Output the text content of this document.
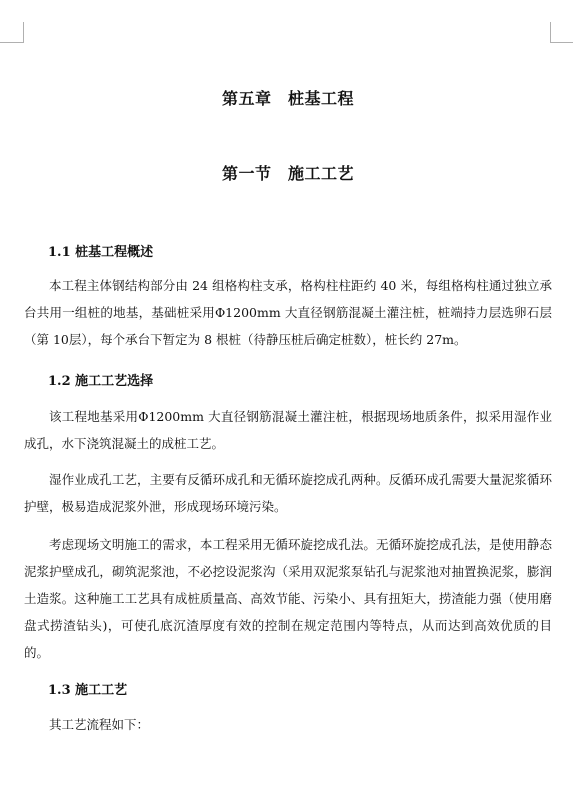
第五章　桩基工程
第一节　施工工艺
1.1 桩基工程概述

本工程主体钢结构部分由 24 组格构柱支承，格构柱柱距约 40 米，每组格构柱通过独立承台共用一组桩的地基，基础桩采用Φ1200mm 大直径钢筋混凝土灌注桩，桩端持力层选卵石层（第 10层），每个承台下暂定为 8 根桩（待静压桩后确定桩数），桩长约 27m。

1.2 施工工艺选择

该工程地基采用Φ1200mm 大直径钢筋混凝土灌注桩，根据现场地质条件，拟采用湿作业成孔，水下浇筑混凝土的成桩工艺。

湿作业成孔工艺，主要有反循环成孔和无循环旋挖成孔两种。反循环成孔需要大量泥浆循环护壁，极易造成泥浆外泄，形成现场环境污染。

考虑现场文明施工的需求，本工程采用无循环旋挖成孔法。无循环旋挖成孔法，是使用静态泥浆护壁成孔，砌筑泥浆池，不必挖设泥浆沟（采用双泥浆泵钻孔与泥浆池对抽置换泥浆，膨润土造浆。这种施工工艺具有成桩质量高、高效节能、污染小、具有扭矩大，捞渣能力强（使用磨盘式捞渣钻头)，可使孔底沉渣厚度有效的控制在规定范围内等特点，从而达到高效优质的目的。

1.3 施工工艺

其工艺流程如下：
